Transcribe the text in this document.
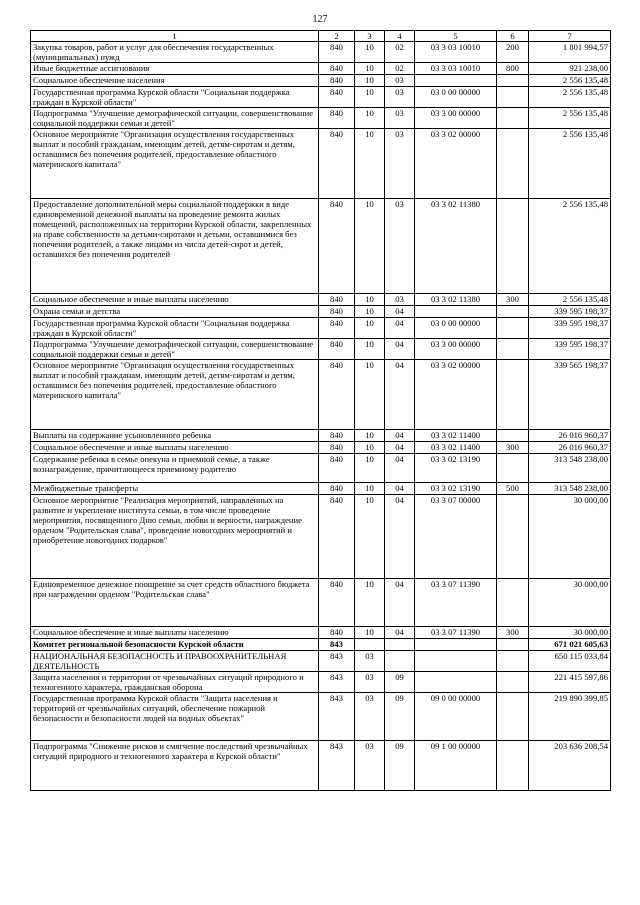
127
1	2	3	4	5	6	7
Закупка товаров, работ и услуг для обеспечения государственных (муниципальных) нужд	840	10	02	03 3 03 10010	200	1 801 994,57
Иные бюджетные ассигнования	840	10	02	03 3 03 10010	800	921 238,00
Социальное обеспечение населения	840	10	03			2 556 135,48
Государственная программа Курской области "Социальная поддержка граждан в Курской области"	840	10	03	03 0 00 00000		2 556 135,48
Подпрограмма "Улучшение демографической ситуации, совершенствование социальной поддержки семьи и детей"	840	10	03	03 3 00 00000		2 556 135,48
Основное мероприятие "Организация осуществления государственных выплат и пособий гражданам, имеющим детей, детям-сиротам и детям, оставшимся без попечения родителей, предоставление областного материнского капитала"	840	10	03	03 3 02 00000		2 556 135,48
Предоставление дополнительной меры социальной поддержки в виде единовременной денежной выплаты на проведение ремонта жилых помещений, расположенных на территории Курской области, закрепленных на праве собственности за детьми-сиротами и детьми, оставшимися без попечения родителей, а также лицами из числа детей-сирот и детей, оставшихся без попечения родителей	840	10	03	03 3 02 11380		2 556 135,48
Социальное обеспечение и иные выплаты населению	840	10	03	03 3 02 11380	300	2 556 135,48
Охрана семьи и детства	840	10	04			339 595 198,37
Государственная программа Курской области "Социальная поддержка граждан в Курской области"	840	10	04	03 0 00 00000		339 595 198,37
Подпрограмма "Улучшение демографической ситуации, совершенствование социальной поддержки семьи и детей"	840	10	04	03 3 00 00000		339 595 198,37
Основное мероприятие "Организация осуществления государственных выплат и пособий гражданам, имеющим детей, детям-сиротам и детям, оставшимся без попечения родителей, предоставление областного материнского капитала"	840	10	04	03 3 02 00000		339 565 198,37
Выплаты на содержание усыновленного ребенка	840	10	04	03 3 02 11400		26 016 960,37
Социальное обеспечение и иные выплаты населению	840	10	04	03 3 02 11400	300	26 016 960,37
Содержание ребенка в семье опекуна и приемной семье, а также вознаграждение, причитающееся приемному родителю	840	10	04	03 3 02 13190		313 548 238,00
Межбюджетные трансферты	840	10	04	03 3 02 13190	500	313 548 238,00
Основное мероприятие "Реализация мероприятий, направленных на развитие и укрепление института семьи, в том числе проведение мероприятия, посвященного Дню семьи, любви и верности, награждение орденом "Родительская слава", проведение новогодних мероприятий и приобретение новогодних подарков"	840	10	04	03 3 07 00000		30 000,00
Единовременное денежное поощрение за счет средств областного бюджета при награждении орденом "Родительская слава"	840	10	04	03 3 07 11390		30 000,00
Социальное обеспечение и иные выплаты населению	840	10	04	03 3 07 11390	300	30 000,00
Комитет региональной безопасности Курской области	843					671 021 605,63
НАЦИОНАЛЬНАЯ БЕЗОПАСНОСТЬ И ПРАВООХРАНИТЕЛЬНАЯ ДЕЯТЕЛЬНОСТЬ	843	03				650 115 033,84
Защита населения и территории от чрезвычайных ситуаций природного и техногенного характера, гражданская оборона	843	03	09			221 415 597,86
Государственная программа Курской области "Защита населения и территорий от чрезвычайных ситуаций, обеспечение пожарной безопасности и безопасности людей на водных объектах"	843	03	09	09 0 00 00000		219 890 399,85
Подпрограмма "Снижение рисков и смягчение последствий чрезвычайных ситуаций природного и техногенного характера в Курской области"	843	03	09	09 1 00 00000		203 636 208,54
